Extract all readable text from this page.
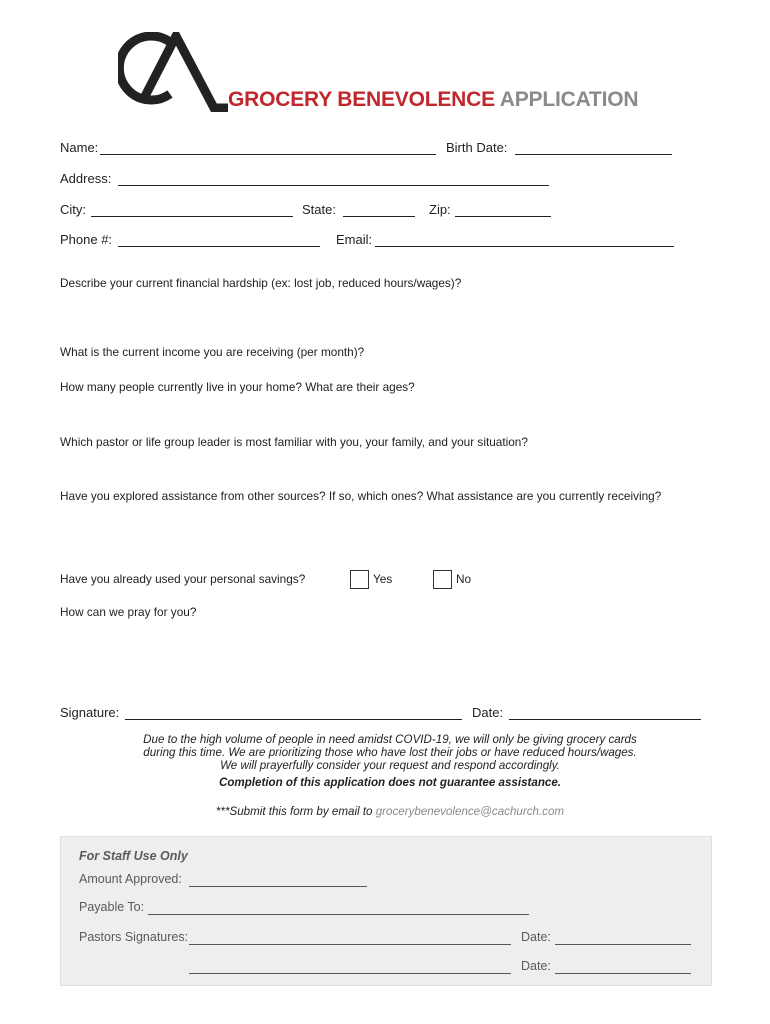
GROCERY BENEVOLENCE APPLICATION
Name:	Birth Date:
Address:
City:	State:	Zip:
Phone #:	Email:
Describe your current financial hardship (ex: lost job, reduced hours/wages)?
What is the current income you are receiving (per month)?
How many people currently live in your home? What are their ages?
Which pastor or life group leader is most familiar with you, your family, and your situation?
Have you explored assistance from other sources? If so, which ones? What assistance are you currently receiving?
Have you already used your personal savings?	Yes	No
How can we pray for you?
Signature:	Date:
Due to the high volume of people in need amidst COVID-19, we will only be giving grocery cards
during this time. We are prioritizing those who have lost their jobs or have reduced hours/wages.
We will prayerfully consider your request and respond accordingly.
Completion of this application does not guarantee assistance.
***Submit this form by email to grocerybenevolence@cachurch.com
For Staff Use Only
Amount Approved:
Payable To:
Pastors Signatures:	Date:
Date:
